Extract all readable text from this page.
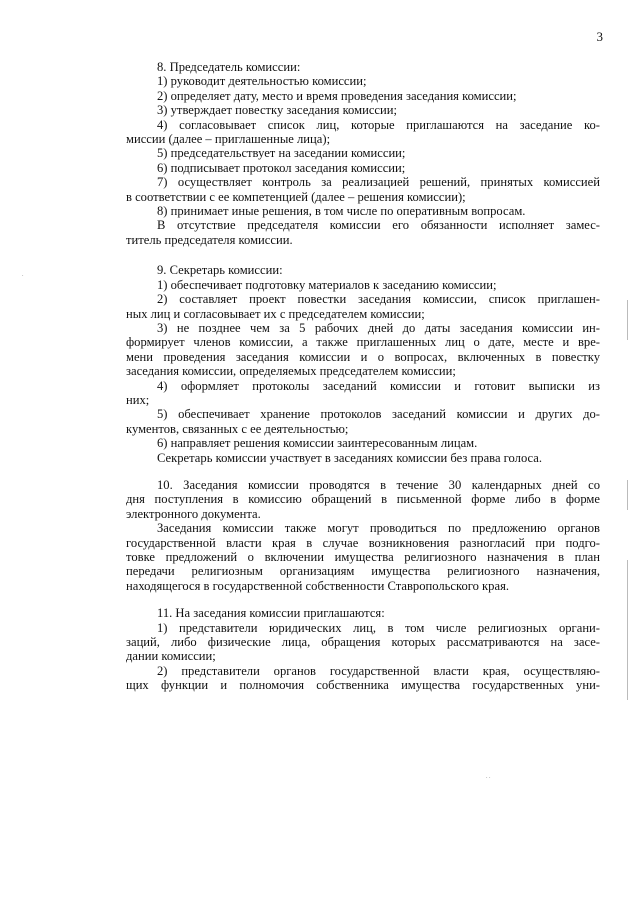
3

8. Председатель комиссии:

1) руководит деятельностью комиссии;

2) определяет дату, место и время проведения заседания комиссии;

3) утверждает повестку заседания комиссии;

4) согласовывает список лиц, которые приглашаются на заседание ко-

миссии (далее – приглашенные лица);

5) председательствует на заседании комиссии;

6) подписывает протокол заседания комиссии;

7) осуществляет контроль за реализацией решений, принятых комиссией

в соответствии с ее компетенцией (далее – решения комиссии);

8) принимает иные решения, в том числе по оперативным вопросам.

В отсутствие председателя комиссии его обязанности исполняет замес-

титель председателя комиссии.

9. Секретарь комиссии:

1) обеспечивает подготовку материалов к заседанию комиссии;

2) составляет проект повестки заседания комиссии, список приглашен-

ных лиц и согласовывает их с председателем комиссии;

3) не позднее чем за 5 рабочих дней до даты заседания комиссии ин-

формирует членов комиссии, а также приглашенных лиц о дате, месте и вре-

мени проведения заседания комиссии и о вопросах, включенных в повестку

заседания комиссии, определяемых председателем комиссии;

4) оформляет протоколы заседаний комиссии и готовит выписки из

них;

5) обеспечивает хранение протоколов заседаний комиссии и других до-

кументов, связанных с ее деятельностью;

6) направляет решения комиссии заинтересованным лицам.

Секретарь комиссии участвует в заседаниях комиссии без права голоса.

10. Заседания комиссии проводятся в течение 30 календарных дней со

дня поступления в комиссию обращений в письменной форме либо в форме

электронного документа.

Заседания комиссии также могут проводиться по предложению органов

государственной власти края в случае возникновения разногласий при подго-

товке предложений о включении имущества религиозного назначения в план

передачи религиозным организациям имущества религиозного назначения,

находящегося в государственной собственности Ставропольского края.

11. На заседания комиссии приглашаются:

1) представители юридических лиц, в том числе религиозных органи-

заций, либо физические лица, обращения которых рассматриваются на засе-

дании комиссии;

2) представители органов государственной власти края, осуществляю-

щих функции и полномочия собственника имущества государственных уни-

.
. .
